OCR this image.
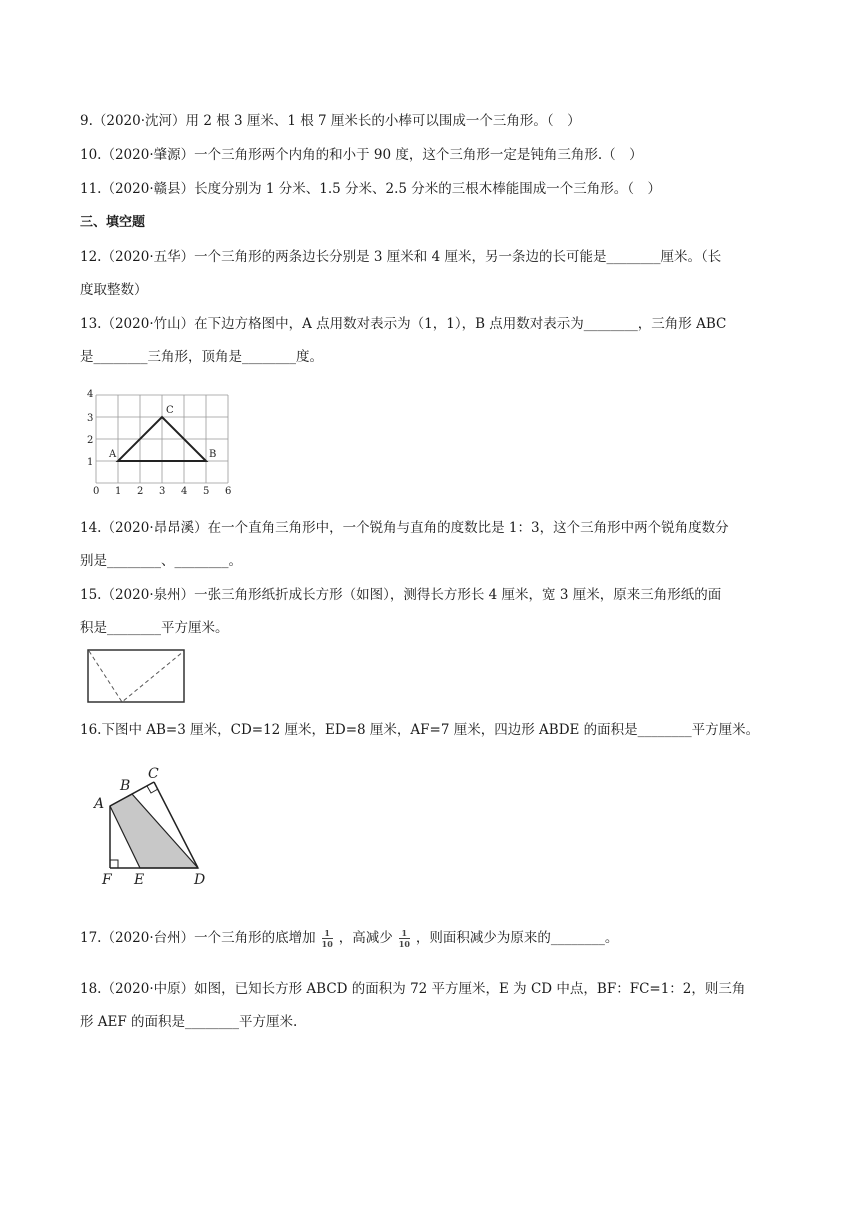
9.（2020·沈河）用 2 根 3 厘米、1 根 7 厘米长的小棒可以围成一个三角形。（　）
10.（2020·肇源）一个三角形两个内角的和小于 90 度，这个三角形一定是钝角三角形.（　）
11.（2020·赣县）长度分别为 1 分米、1.5 分米、2.5 分米的三根木棒能围成一个三角形。（　）
三、填空题
12.（2020·五华）一个三角形的两条边长分别是 3 厘米和 4 厘米，另一条边的长可能是________厘米。（长
度取整数）
13.（2020·竹山）在下边方格图中，A 点用数对表示为（1，1），B 点用数对表示为________，三角形 ABC
是________三角形，顶角是________度。
0 1 2 3 4 5 6
1
2
3
4
A	B
C
14.（2020·昂昂溪）在一个直角三角形中，一个锐角与直角的度数比是 1：3，这个三角形中两个锐角度数分
别是________、________。
15.（2020·泉州）一张三角形纸折成长方形（如图），测得长方形长 4 厘米，宽 3 厘米，原来三角形纸的面
积是________平方厘米。
16.下图中 AB=3 厘米，CD=12 厘米，ED=8 厘米，AF=7 厘米，四边形 ABDE 的面积是________平方厘米。
A
B
C
D
E
F
17.（2020·台州）一个三角形的底增加 $\frac{1}{10}$ ，高减少 $\frac{1}{10}$ ，则面积减少为原来的________。
18.（2020·中原）如图，已知长方形 ABCD 的面积为 72 平方厘米，E 为 CD 中点，BF：FC=1：2，则三角
形 AEF 的面积是________平方厘米.
